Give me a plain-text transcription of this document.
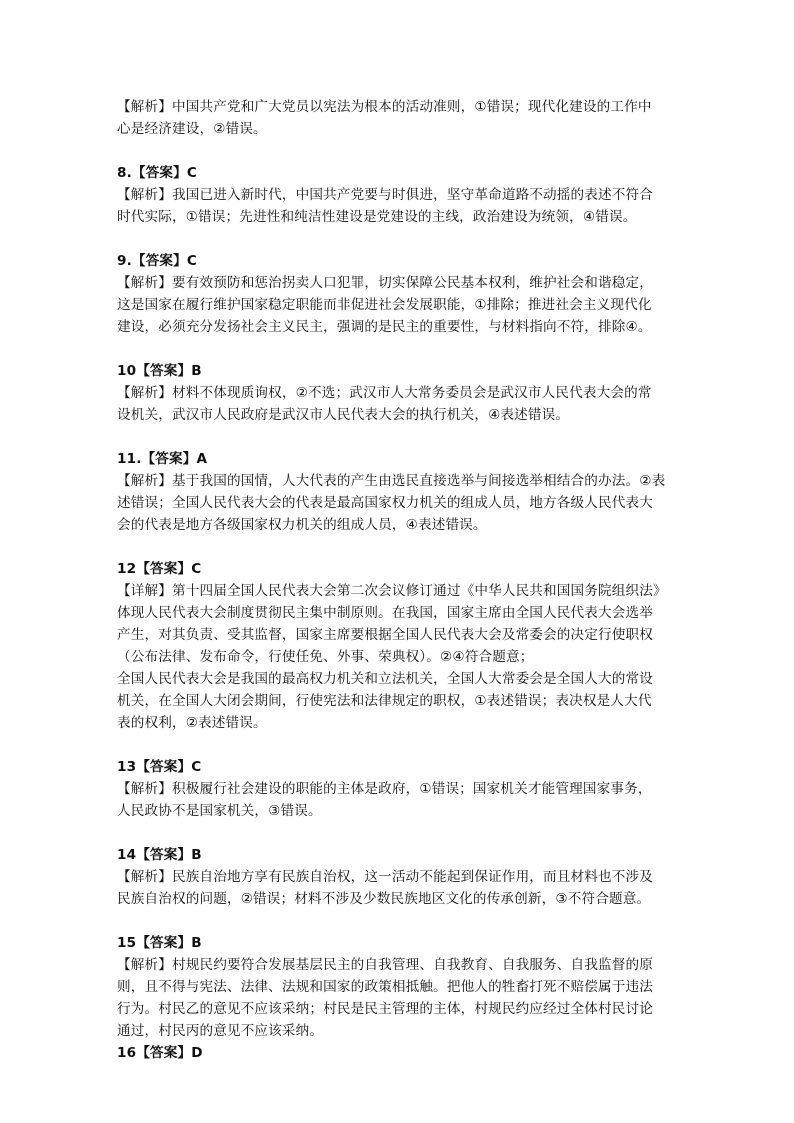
【解析】中国共产党和广大党员以宪法为根本的活动准则，①错误；现代化建设的工作中
心是经济建设，②错误。
8.【答案】C
【解析】我国已进入新时代，中国共产党要与时俱进，坚守革命道路不动摇的表述不符合
时代实际，①错误；先进性和纯洁性建设是党建设的主线，政治建设为统领，④错误。
9.【答案】C
【解析】要有效预防和惩治拐卖人口犯罪，切实保障公民基本权利，维护社会和谐稳定，
这是国家在履行维护国家稳定职能而非促进社会发展职能，①排除；推进社会主义现代化
建设，必须充分发扬社会主义民主，强调的是民主的重要性，与材料指向不符，排除④。
10【答案】B
【解析】材料不体现质询权，②不选；武汉市人大常务委员会是武汉市人民代表大会的常
设机关，武汉市人民政府是武汉市人民代表大会的执行机关，④表述错误。
11.【答案】A
【解析】基于我国的国情，人大代表的产生由选民直接选举与间接选举相结合的办法。②表
述错误；全国人民代表大会的代表是最高国家权力机关的组成人员，地方各级人民代表大
会的代表是地方各级国家权力机关的组成人员，④表述错误。
12【答案】C
【详解】第十四届全国人民代表大会第二次会议修订通过《中华人民共和国国务院组织法》
体现人民代表大会制度贯彻民主集中制原则。在我国，国家主席由全国人民代表大会选举
产生，对其负责、受其监督，国家主席要根据全国人民代表大会及常委会的决定行使职权
（公布法律、发布命令，行使任免、外事、荣典权）。②④符合题意；
全国人民代表大会是我国的最高权力机关和立法机关，全国人大常委会是全国人大的常设
机关，在全国人大闭会期间，行使宪法和法律规定的职权，①表述错误；表决权是人大代
表的权利，②表述错误。
13【答案】C
【解析】积极履行社会建设的职能的主体是政府，①错误；国家机关才能管理国家事务，
人民政协不是国家机关，③错误。
14【答案】B
【解析】民族自治地方享有民族自治权，这一活动不能起到保证作用，而且材料也不涉及
民族自治权的问题，②错误；材料不涉及少数民族地区文化的传承创新，③不符合题意。
15【答案】B
【解析】村规民约要符合发展基层民主的自我管理、自我教育、自我服务、自我监督的原
则，且不得与宪法、法律、法规和国家的政策相抵触。把他人的牲畜打死不赔偿属于违法
行为。村民乙的意见不应该采纳；村民是民主管理的主体，村规民约应经过全体村民讨论
通过，村民丙的意见不应该采纳。
16【答案】D
